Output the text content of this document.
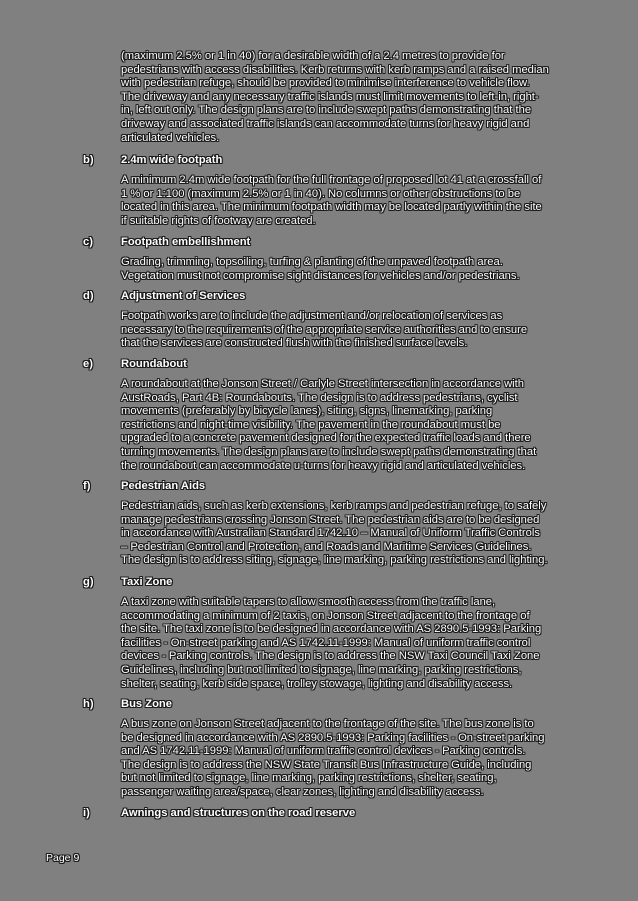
(maximum 2.5% or 1 in 40) for a desirable width of a 2.4 metres to provide for
pedestrians with access disabilities. Kerb returns with kerb ramps and a raised median
with pedestrian refuge, should be provided to minimise interference to vehicle flow.
The driveway and any necessary traffic islands must limit movements to left-in, right-
in, left out only. The design plans are to include swept paths demonstrating that the
driveway and associated traffic islands can accommodate turns for heavy rigid and
articulated vehicles.
b) 2.4m wide footpath
A minimum 2.4m wide footpath for the full frontage of proposed lot 41 at a crossfall of
1 % or 1:100 (maximum 2.5% or 1 in 40). No columns or other obstructions to be
located in this area. The minimum footpath width may be located partly within the site
if suitable rights of footway are created.
c)	Footpath embellishment
Grading, trimming, topsoiling, turfing & planting of the unpaved footpath area.
Vegetation must not compromise sight distances for vehicles and/or pedestrians.
d) Adjustment of Services
Footpath works are to include the adjustment and/or relocation of services as
necessary to the requirements of the appropriate service authorities and to ensure
that the services are constructed flush with the finished surface levels.
e)	Roundabout
A roundabout at the Jonson Street / Carlyle Street intersection in accordance with
AustRoads, Part 4B: Roundabouts. The design is to address pedestrians, cyclist
movements (preferably by bicycle lanes), siting, signs, linemarking, parking
restrictions and night-time visibility. The pavement in the roundabout must be
upgraded to a concrete pavement designed for the expected traffic loads and there
turning movements. The design plans are to include swept paths demonstrating that
the roundabout can accommodate u-turns for heavy rigid and articulated vehicles.
f)	Pedestrian Aids
Pedestrian aids, such as kerb extensions, kerb ramps and pedestrian refuge, to safely
manage pedestrians crossing Jonson Street. The pedestrian aids are to be designed
in accordance with Australian Standard 1742.10 – Manual of Uniform Traffic Controls
– Pedestrian Control and Protection, and Roads and Maritime Services Guidelines.
The design is to address siting, signage, line marking, parking restrictions and lighting.
g) Taxi Zone
A taxi zone with suitable tapers to allow smooth access from the traffic lane,
accommodating a minimum of 2 taxis, on Jonson Street adjacent to the frontage of
the site. The taxi zone is to be designed in accordance with AS 2890.5-1993: Parking
facilities - On-street parking and AS 1742.11-1999: Manual of uniform traffic control
devices - Parking controls. The design is to address the NSW Taxi Council Taxi Zone
Guidelines, including but not limited to signage, line marking, parking restrictions,
shelter, seating, kerb side space, trolley stowage, lighting and disability access.
h) Bus Zone
A bus zone on Jonson Street adjacent to the frontage of the site. The bus zone is to
be designed in accordance with AS 2890.5-1993: Parking facilities - On-street parking
and AS 1742.11-1999: Manual of uniform traffic control devices - Parking controls.
The design is to address the NSW State Transit Bus Infrastructure Guide, including
but not limited to signage, line marking, parking restrictions, shelter, seating,
passenger waiting area/space, clear zones, lighting and disability access.
i)	Awnings and structures on the road reserve
Page 9
